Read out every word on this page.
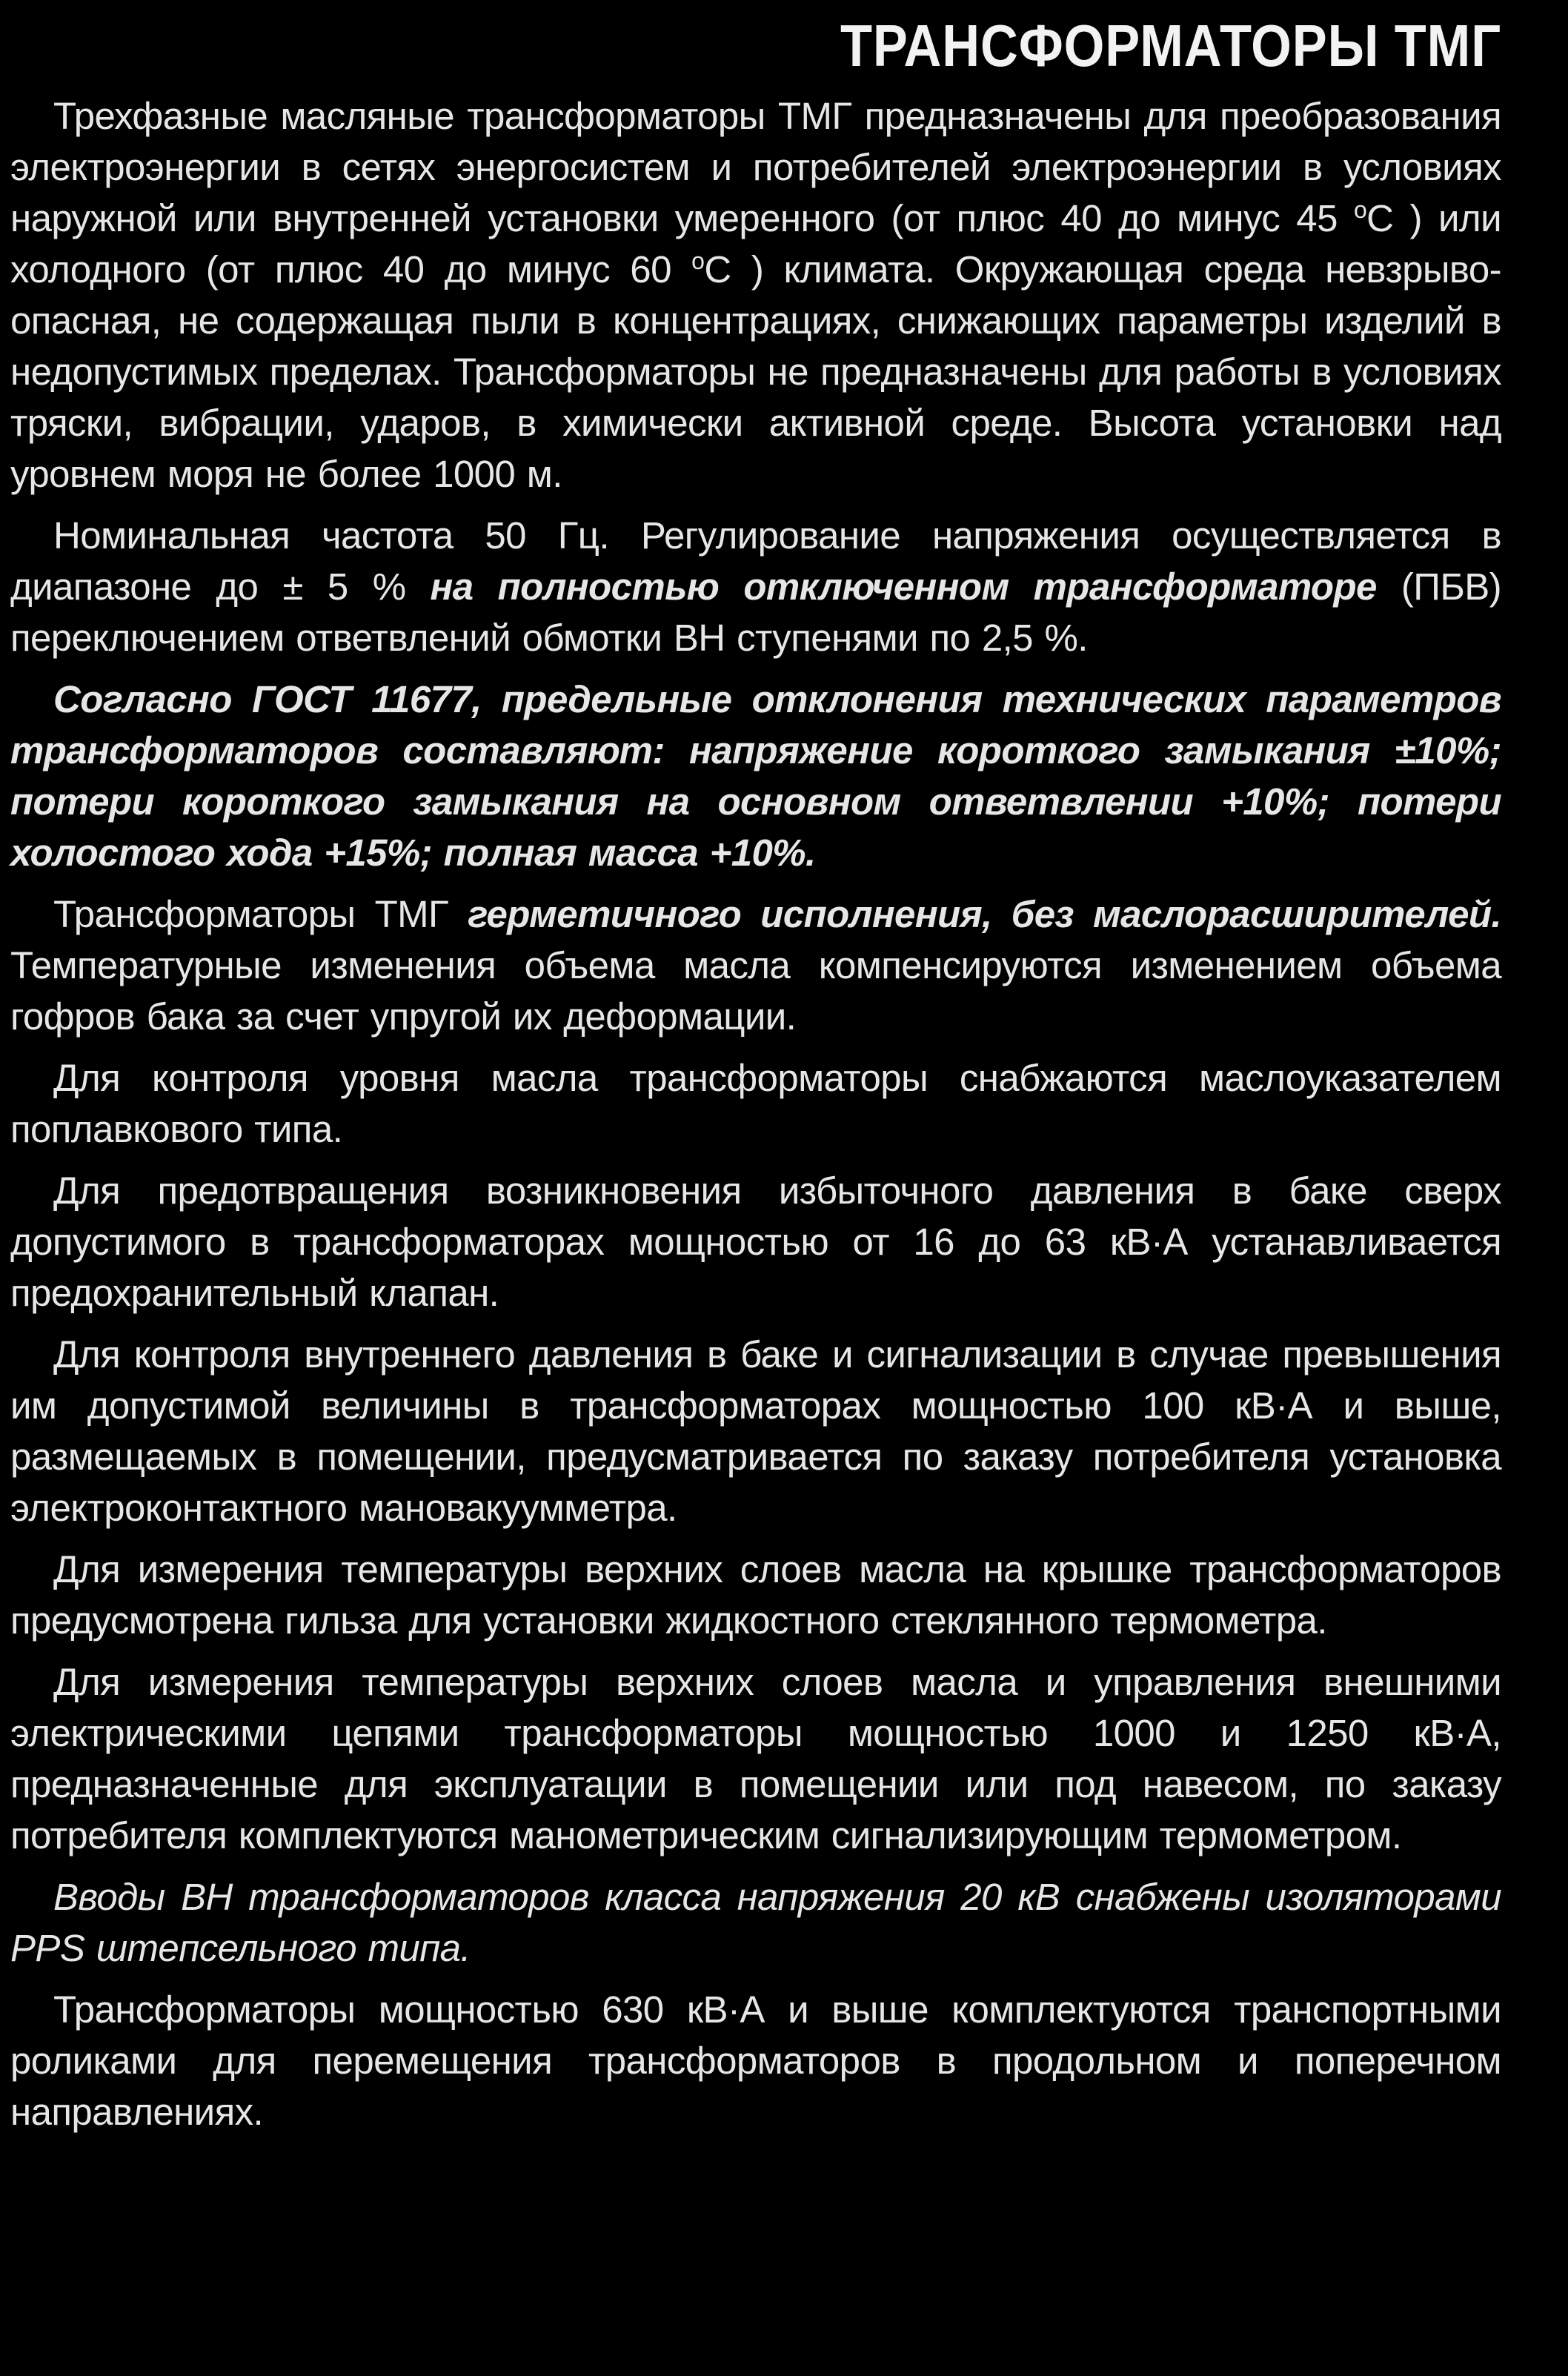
ТРАНСФОРМАТОРЫ ТМГ

Трехфазные масляные трансформаторы ТМГ предназначены для преобразования электроэнергии в сетях энергосистем и потребителей электроэнергии в условиях наружной или внутренней установки умеренного (от плюс 40 до минус 45 $^о$С ) или холодного (от плюс 40 до минус 60 $^о$С ) климата. Окружающая среда невзрыво-опасная, не содержащая пыли в концентрациях, снижающих параметры изделий в недопустимых пределах. Трансформаторы не предназначены для работы в условиях тряски, вибрации, ударов, в химически активной среде. Высота установки над уровнем моря не более 1000 м.

Номинальная частота 50 Гц. Регулирование напряжения осуществляется в диапазоне до ± 5 % на полностью отключенном трансформаторе (ПБВ) переключением ответвлений обмотки ВН ступенями по 2,5 %.

Согласно ГОСТ 11677, предельные отклонения технических параметров трансформаторов составляют: напряжение короткого замыкания ±10%; потери короткого замыкания на основном ответвлении +10%; потери холостого хода +15%; полная масса +10%.

Трансформаторы ТМГ герметичного исполнения, без маслорасширителей. Температурные изменения объема масла компенсируются изменением объема гофров бака за счет упругой их деформации.

Для контроля уровня масла трансформаторы снабжаются маслоуказателем поплавкового типа.

Для предотвращения возникновения избыточного давления в баке сверх допустимого в трансформаторах мощностью от 16 до 63 кВ·А устанавливается предохранительный клапан.

Для контроля внутреннего давления в баке и сигнализации в случае превышения им допустимой величины в трансформаторах мощностью 100 кВ·А и выше, размещаемых в помещении, предусматривается по заказу потребителя установка электроконтактного мановакуумметра.

Для измерения температуры верхних слоев масла на крышке трансформаторов предусмотрена гильза для установки жидкостного стеклянного термометра.

Для измерения температуры верхних слоев масла и управления внешними электрическими цепями трансформаторы мощностью 1000 и 1250 кВ·А, предназначенные для эксплуатации в помещении или под навесом, по заказу потребителя комплектуются манометрическим сигнализирующим термометром.

Вводы ВН трансформаторов класса напряжения 20 кВ снабжены изоляторами PPS штепсельного типа.

Трансформаторы мощностью 630 кВ·А и выше комплектуются транспортными роликами для перемещения трансформаторов в продольном и поперечном направлениях.
